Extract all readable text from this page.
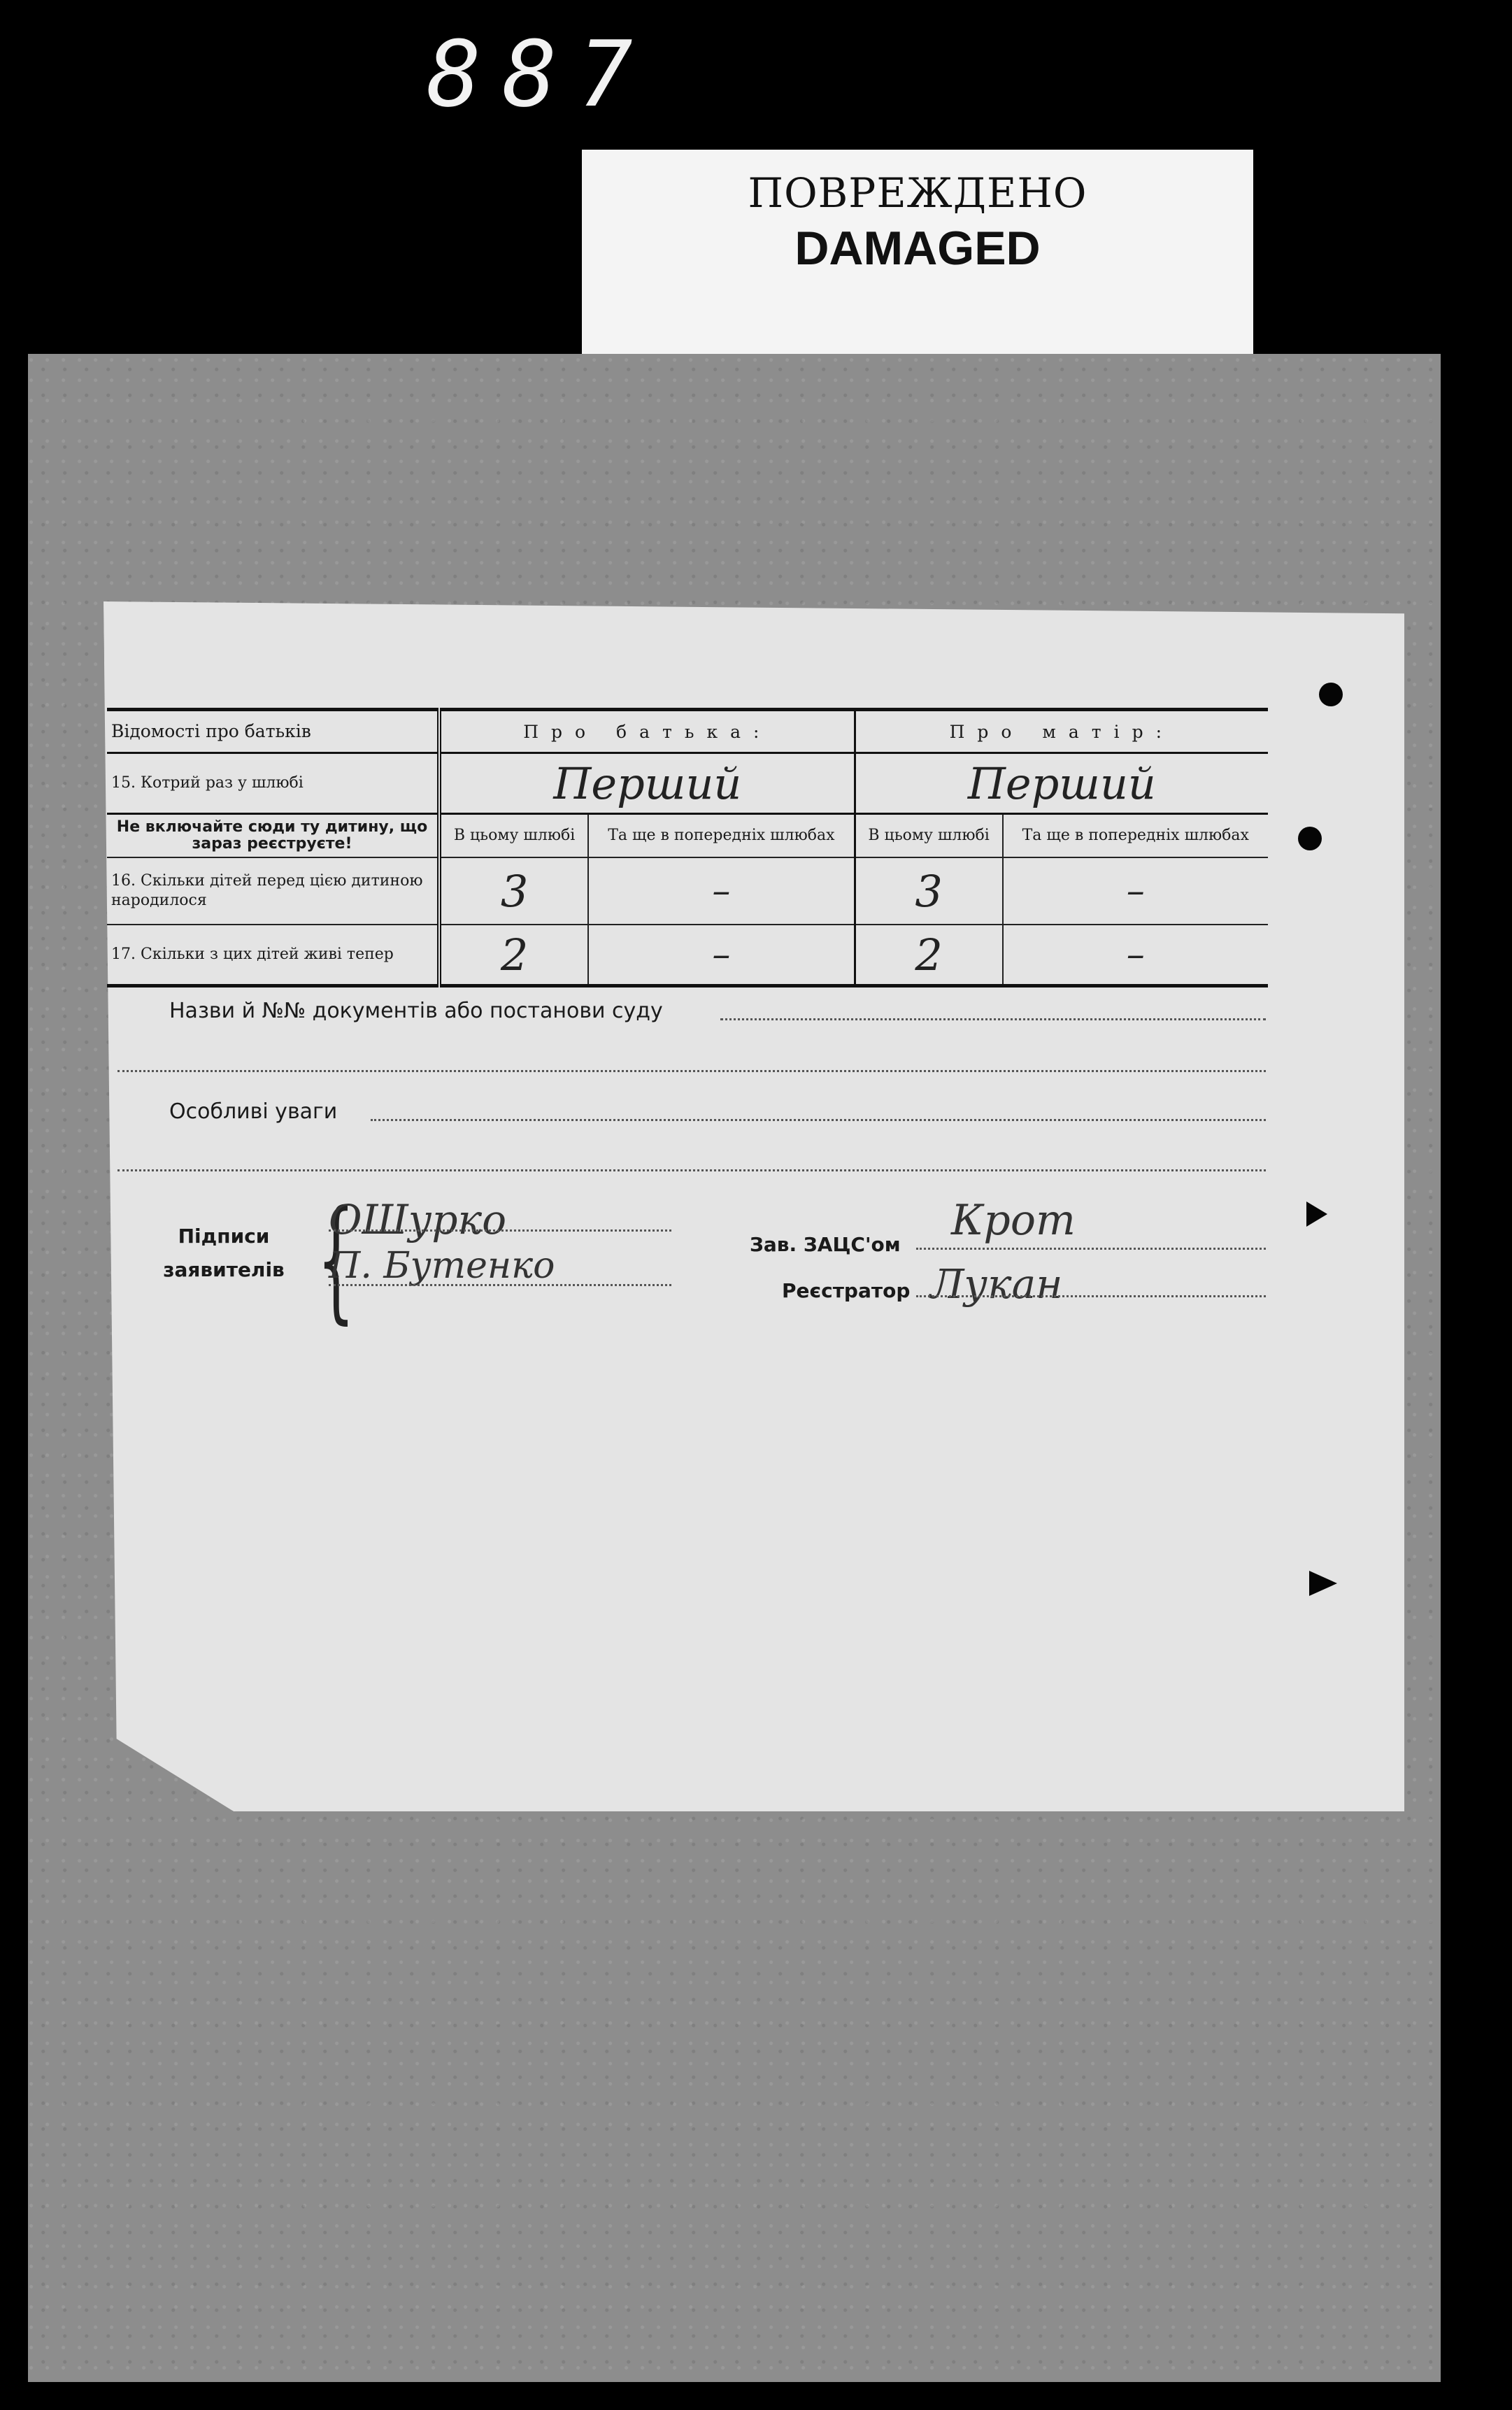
887
ПОВРЕЖДЕНО
DAMAGED
Відомості про батьків	Про батька:		Про матір:	
15. Котрий раз у шлюбі	Перший		Перший	
Не включайте сюди ту дитину, що зараз реєструєте!	В цьому шлюбі	Та ще в попередніх шлюбах	В цьому шлюбі	Та ще в попередніх шлюбах
16. Скільки дітей перед цією дитиною народилося	3	–	3	–
17. Скільки з цих дітей живі тепер	2	–	2	–
Назви й №№ документів або постанови суду
Особливі уваги
Підписи заявителів {
ОШурко
П. Бутенко
Зав. ЗАЦС'ом Крот
Реєстратор Лукан
